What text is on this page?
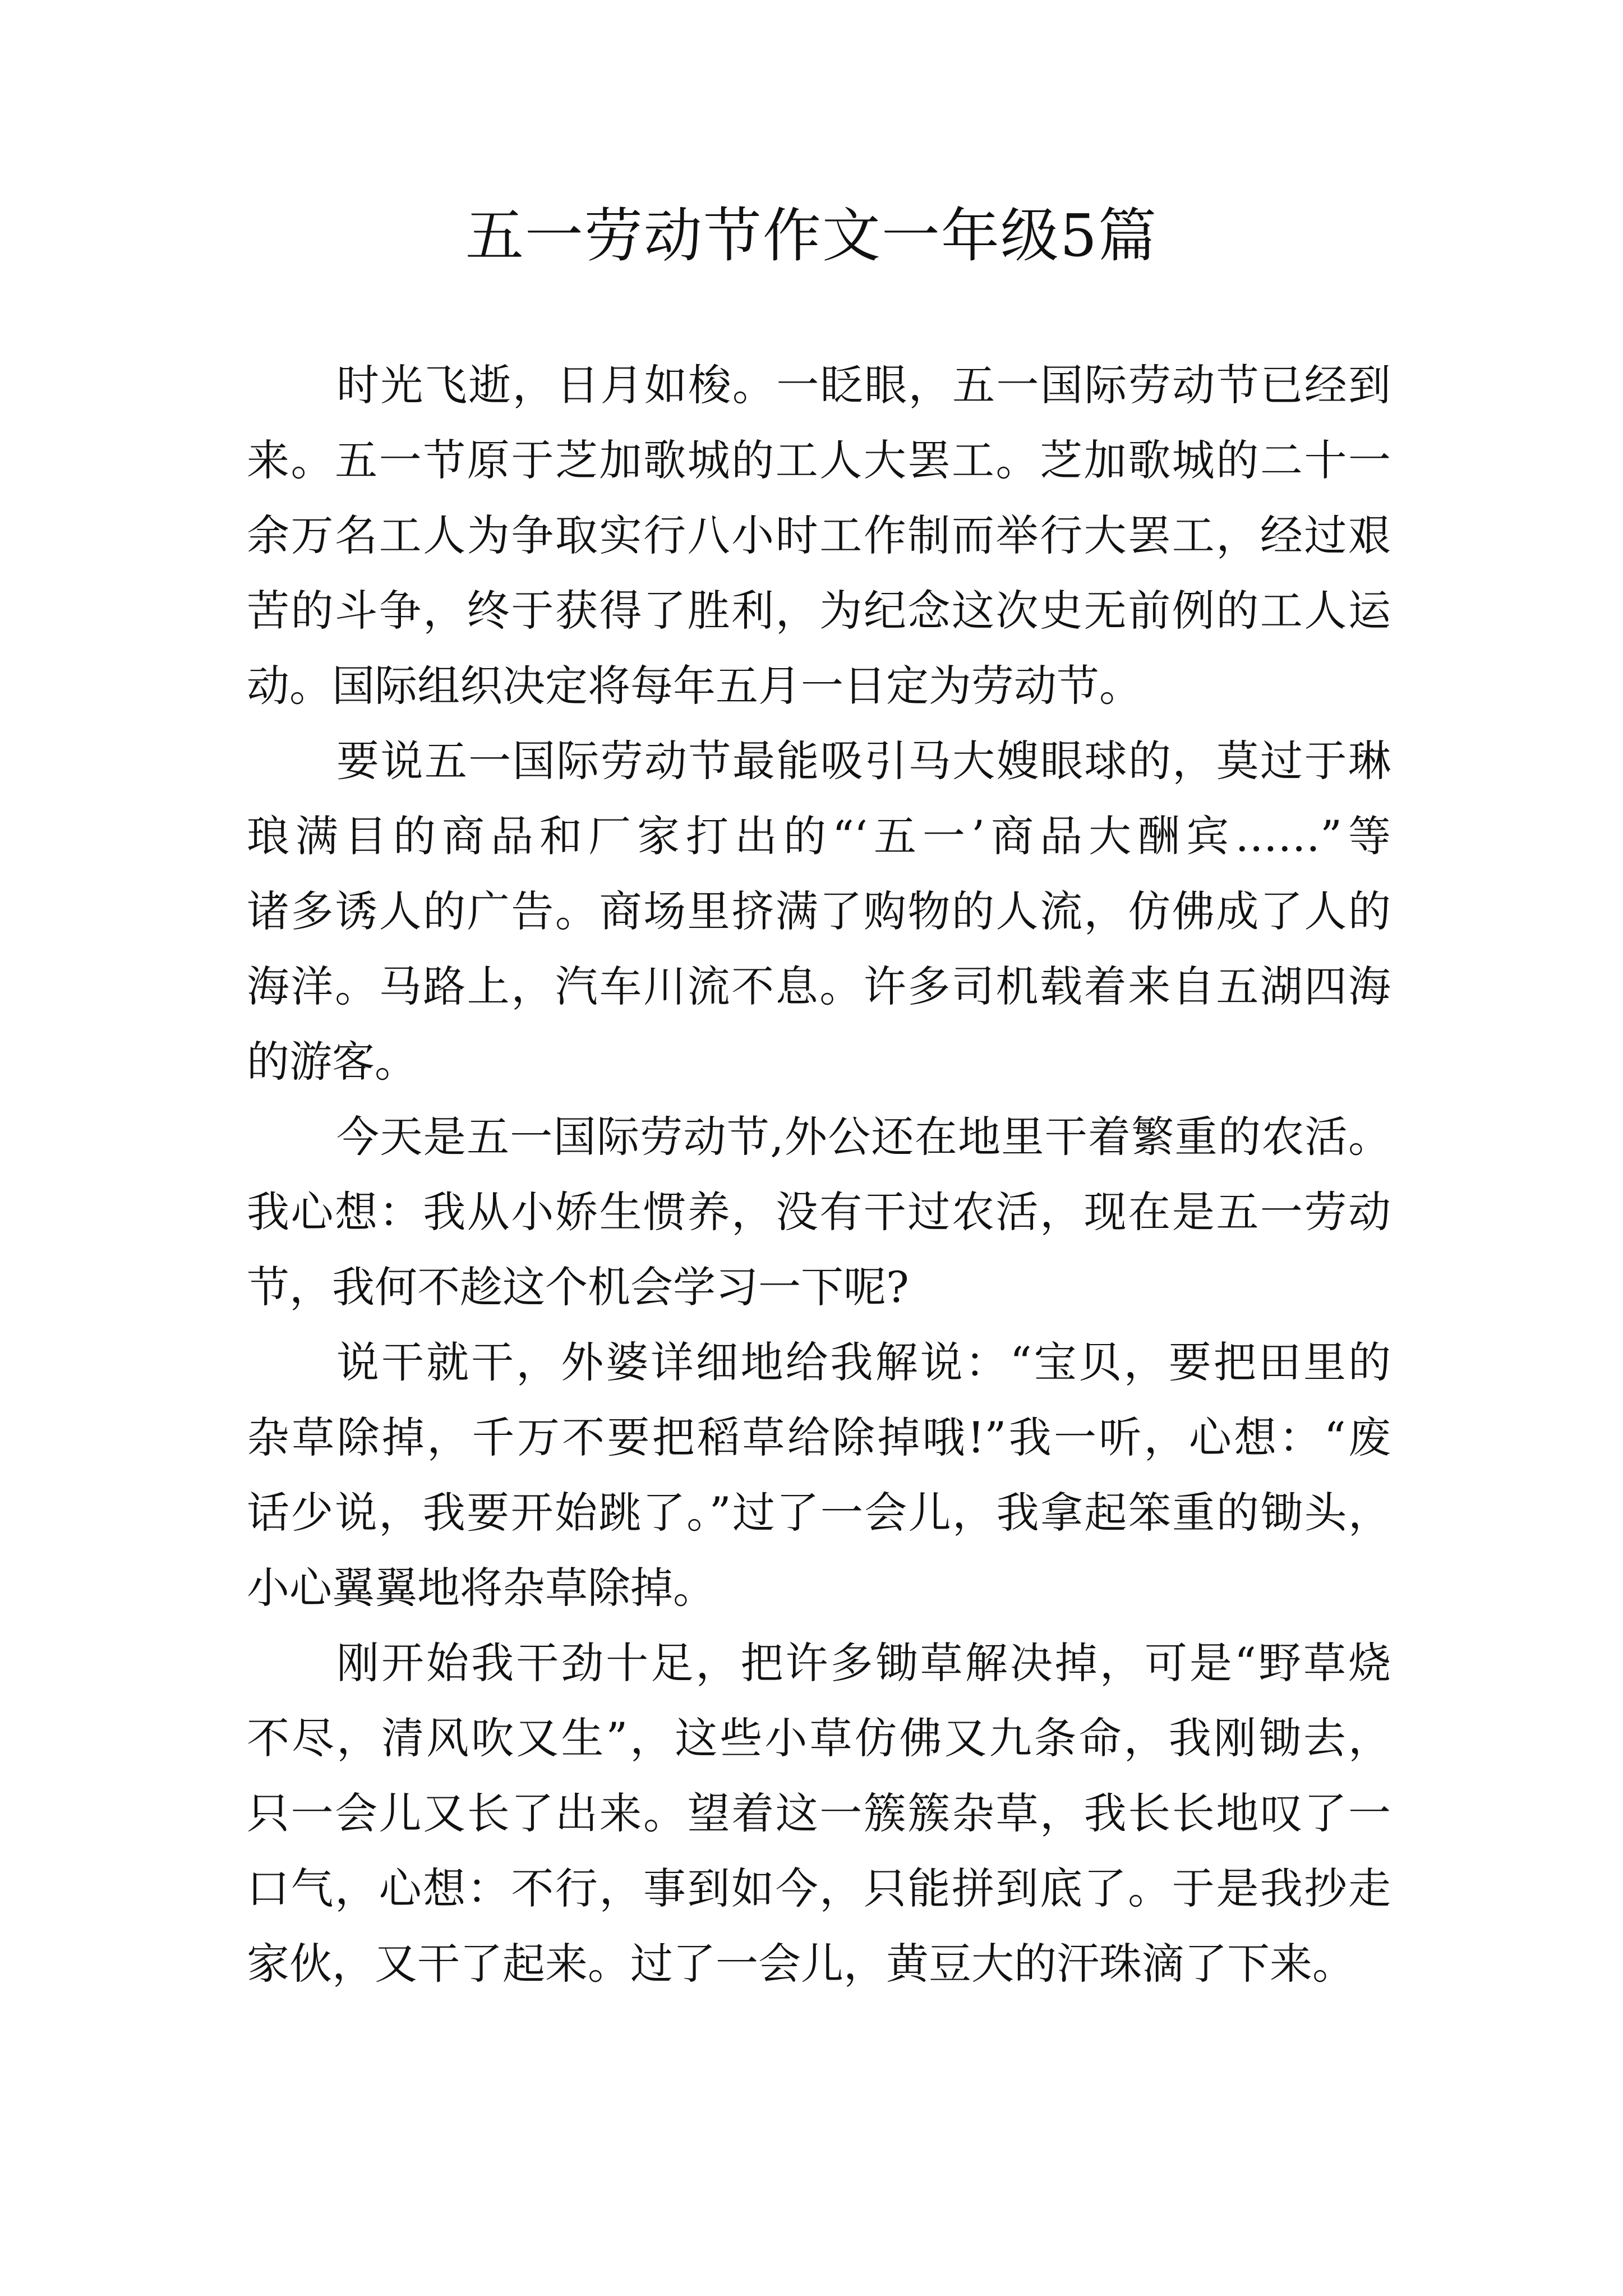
五一劳动节作文一年级5篇
时光飞逝，日月如梭。一眨眼，五一国际劳动节已经到
来。五一节原于芝加歌城的工人大罢工。芝加歌城的二十一
余万名工人为争取实行八小时工作制而举行大罢工，经过艰
苦的斗争，终于获得了胜利，为纪念这次史无前例的工人运
动。国际组织决定将每年五月一日定为劳动节。
要说五一国际劳动节最能吸引马大嫂眼球的，莫过于琳
琅满目的商品和厂家打出的“‘五一’商品大酬宾……”等
诸多诱人的广告。商场里挤满了购物的人流，仿佛成了人的
海洋。马路上，汽车川流不息。许多司机载着来自五湖四海
的游客。
今天是五一国际劳动节,外公还在地里干着繁重的农活。
我心想：我从小娇生惯养，没有干过农活，现在是五一劳动
节，我何不趁这个机会学习一下呢?
说干就干，外婆详细地给我解说：“宝贝，要把田里的
杂草除掉，千万不要把稻草给除掉哦!”我一听，心想：“废
话少说，我要开始跳了。”过了一会儿，我拿起笨重的锄头，
小心翼翼地将杂草除掉。
刚开始我干劲十足，把许多锄草解决掉，可是“野草烧
不尽，清风吹又生”，这些小草仿佛又九条命，我刚锄去，
只一会儿又长了出来。望着这一簇簇杂草，我长长地叹了一
口气，心想：不行，事到如今，只能拼到底了。于是我抄走
家伙，又干了起来。过了一会儿，黄豆大的汗珠滴了下来。
